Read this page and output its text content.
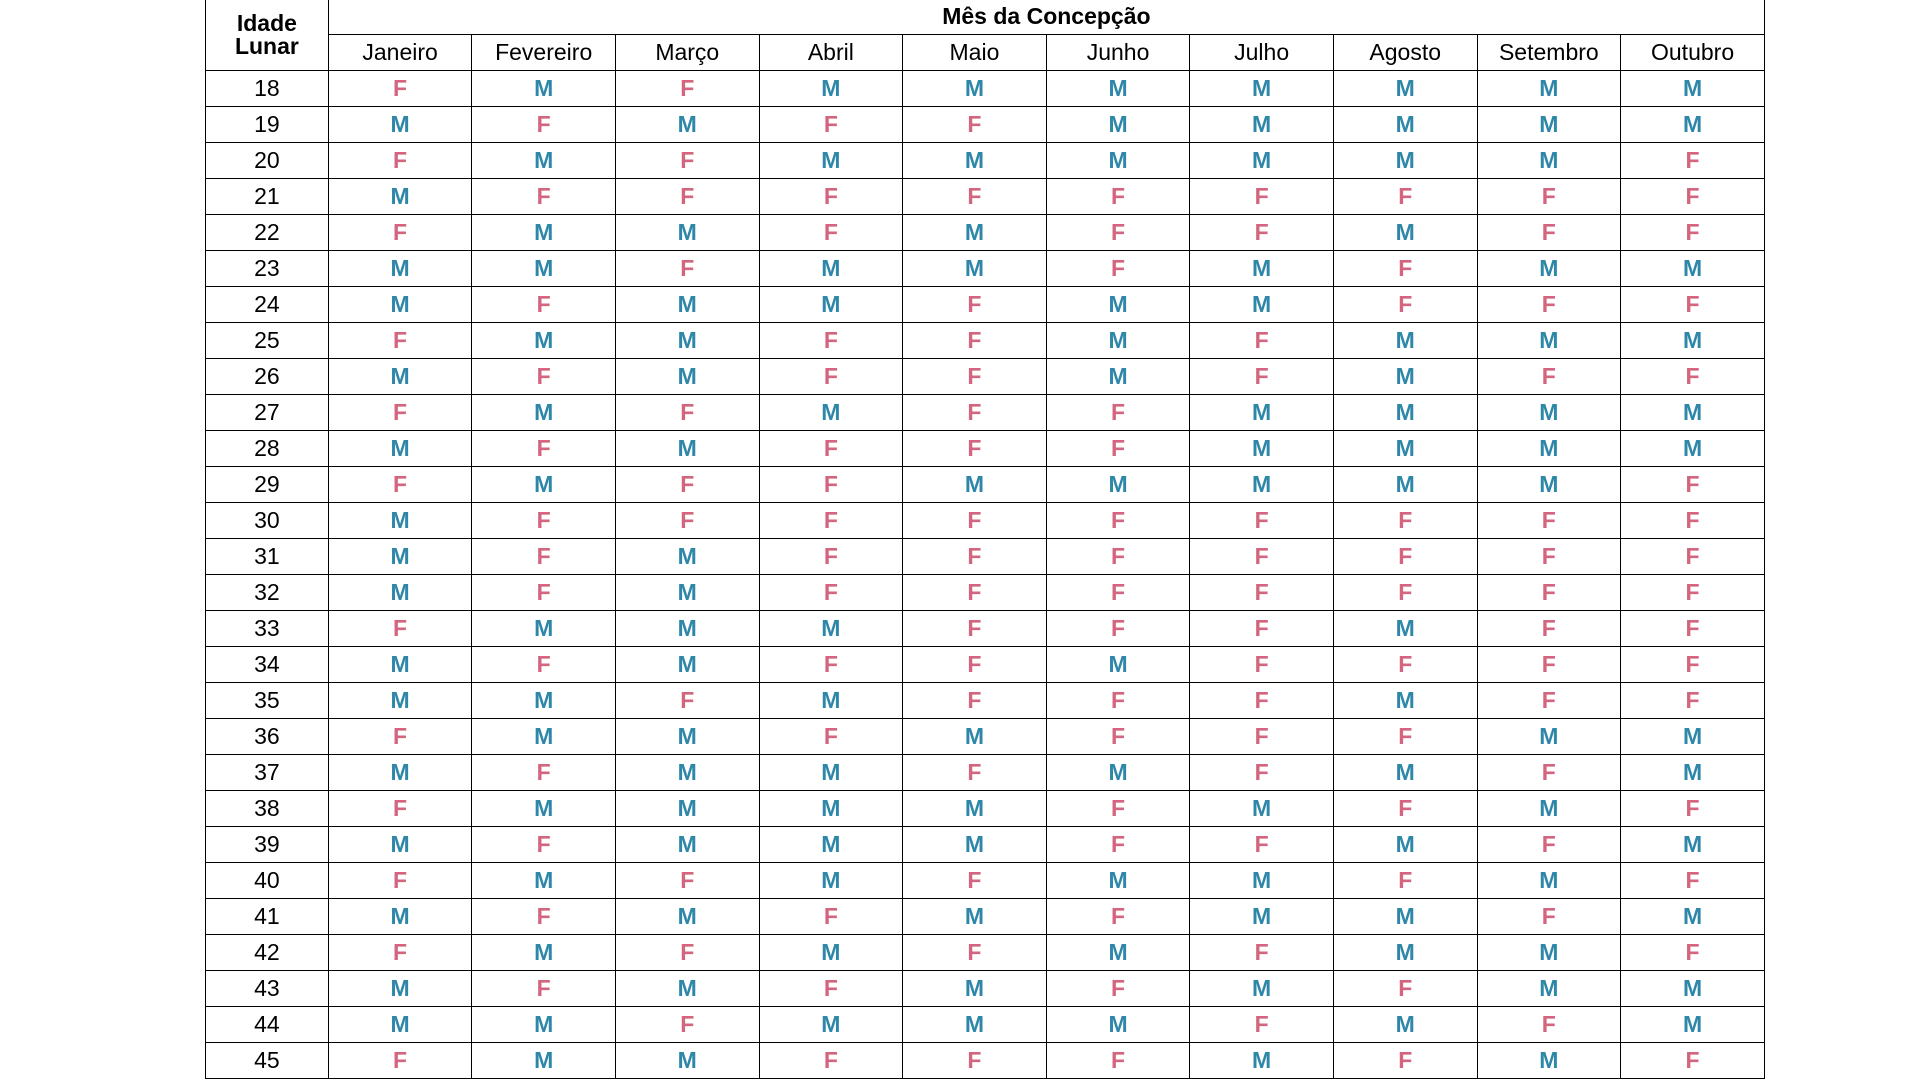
Idade
Lunar	Mês da Concepção									
	Janeiro	Fevereiro	Março	Abril	Maio	Junho	Julho	Agosto	Setembro	Outubro
18	F	M	F	M	M	M	M	M	M	M
19	M	F	M	F	F	M	M	M	M	M
20	F	M	F	M	M	M	M	M	M	F
21	M	F	F	F	F	F	F	F	F	F
22	F	M	M	F	M	F	F	M	F	F
23	M	M	F	M	M	F	M	F	M	M
24	M	F	M	M	F	M	M	F	F	F
25	F	M	M	F	F	M	F	M	M	M
26	M	F	M	F	F	M	F	M	F	F
27	F	M	F	M	F	F	M	M	M	M
28	M	F	M	F	F	F	M	M	M	M
29	F	M	F	F	M	M	M	M	M	F
30	M	F	F	F	F	F	F	F	F	F
31	M	F	M	F	F	F	F	F	F	F
32	M	F	M	F	F	F	F	F	F	F
33	F	M	M	M	F	F	F	M	F	F
34	M	F	M	F	F	M	F	F	F	F
35	M	M	F	M	F	F	F	M	F	F
36	F	M	M	F	M	F	F	F	M	M
37	M	F	M	M	F	M	F	M	F	M
38	F	M	M	M	M	F	M	F	M	F
39	M	F	M	M	M	F	F	M	F	M
40	F	M	F	M	F	M	M	F	M	F
41	M	F	M	F	M	F	M	M	F	M
42	F	M	F	M	F	M	F	M	M	F
43	M	F	M	F	M	F	M	F	M	M
44	M	M	F	M	M	M	F	M	F	M
45	F	M	M	F	F	F	M	F	M	F
